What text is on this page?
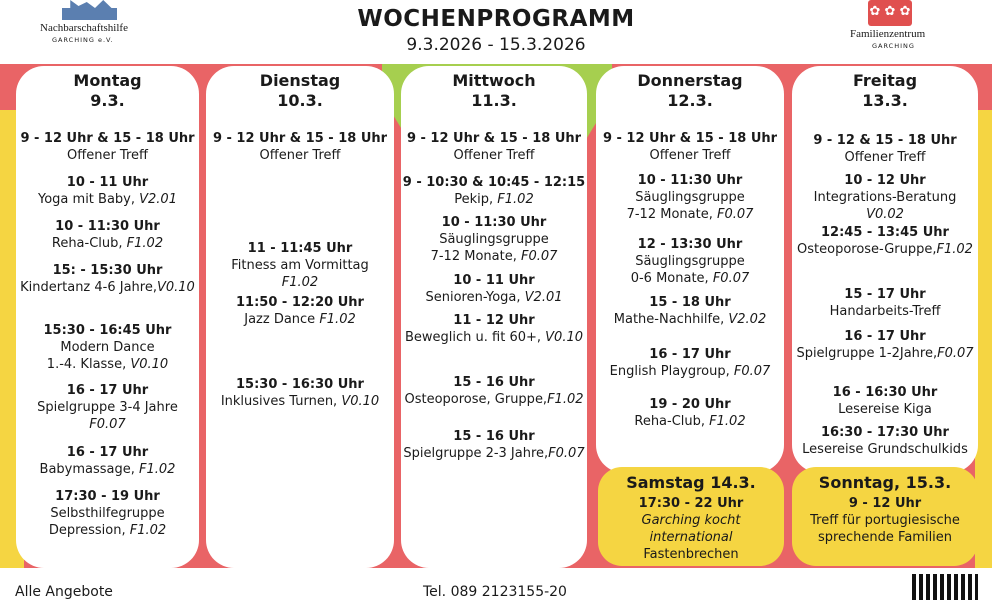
Nachbarschaftshilfe
GARCHING e.V.
✿ ✿ ✿
Familienzentrum
GARCHING
WOCHENPROGRAMM
9.3.2026 - 15.3.2026
Montag
9.3.
9 - 12 Uhr & 15 - 18 Uhr
Offener Treff
10 - 11 Uhr
Yoga mit Baby, V2.01
10 - 11:30 Uhr
Reha-Club, F1.02
15: - 15:30 Uhr
Kindertanz 4-6 Jahre,V0.10
15:30 - 16:45 Uhr
Modern Dance
1.-4. Klasse, V0.10
16 - 17 Uhr
Spielgruppe 3-4 Jahre
F0.07
16 - 17 Uhr
Babymassage, F1.02
17:30 - 19 Uhr
Selbsthilfegruppe
Depression, F1.02
Dienstag
10.3.
9 - 12 Uhr & 15 - 18 Uhr
Offener Treff
11 - 11:45 Uhr
Fitness am Vormittag
F1.02
11:50 - 12:20 Uhr
Jazz Dance F1.02
15:30 - 16:30 Uhr
Inklusives Turnen, V0.10
Mittwoch
11.3.
9 - 12 Uhr & 15 - 18 Uhr
Offener Treff
9 - 10:30 & 10:45 - 12:15
Pekip, F1.02
10 - 11:30 Uhr
Säuglingsgruppe
7-12 Monate, F0.07
10 - 11 Uhr
Senioren-Yoga, V2.01
11 - 12 Uhr
Beweglich u. fit 60+, V0.10
15 - 16 Uhr
Osteoporose, Gruppe,F1.02
15 - 16 Uhr
Spielgruppe 2-3 Jahre,F0.07
Donnerstag
12.3.
9 - 12 Uhr & 15 - 18 Uhr
Offener Treff
10 - 11:30 Uhr
Säuglingsgruppe
7-12 Monate, F0.07
12 - 13:30 Uhr
Säuglingsgruppe
0-6 Monate, F0.07
15 - 18 Uhr
Mathe-Nachhilfe, V2.02
16 - 17 Uhr
English Playgroup, F0.07
19 - 20 Uhr
Reha-Club, F1.02
Freitag
13.3.
9 - 12 & 15 - 18 Uhr
Offener Treff
10 - 12 Uhr
Integrations-Beratung
V0.02
12:45 - 13:45 Uhr
Osteoporose-Gruppe,F1.02
15 - 17 Uhr
Handarbeits-Treff
16 - 17 Uhr
Spielgruppe 1-2Jahre,F0.07
16 - 16:30 Uhr
Lesereise Kiga
16:30 - 17:30 Uhr
Lesereise Grundschulkids
Samstag 14.3.
17:30 - 22 Uhr
Garching kocht
international
Fastenbrechen
Sonntag, 15.3.
9 - 12 Uhr
Treff für portugiesische
sprechende Familien
Alle Angebote	Tel. 089 2123155-20
